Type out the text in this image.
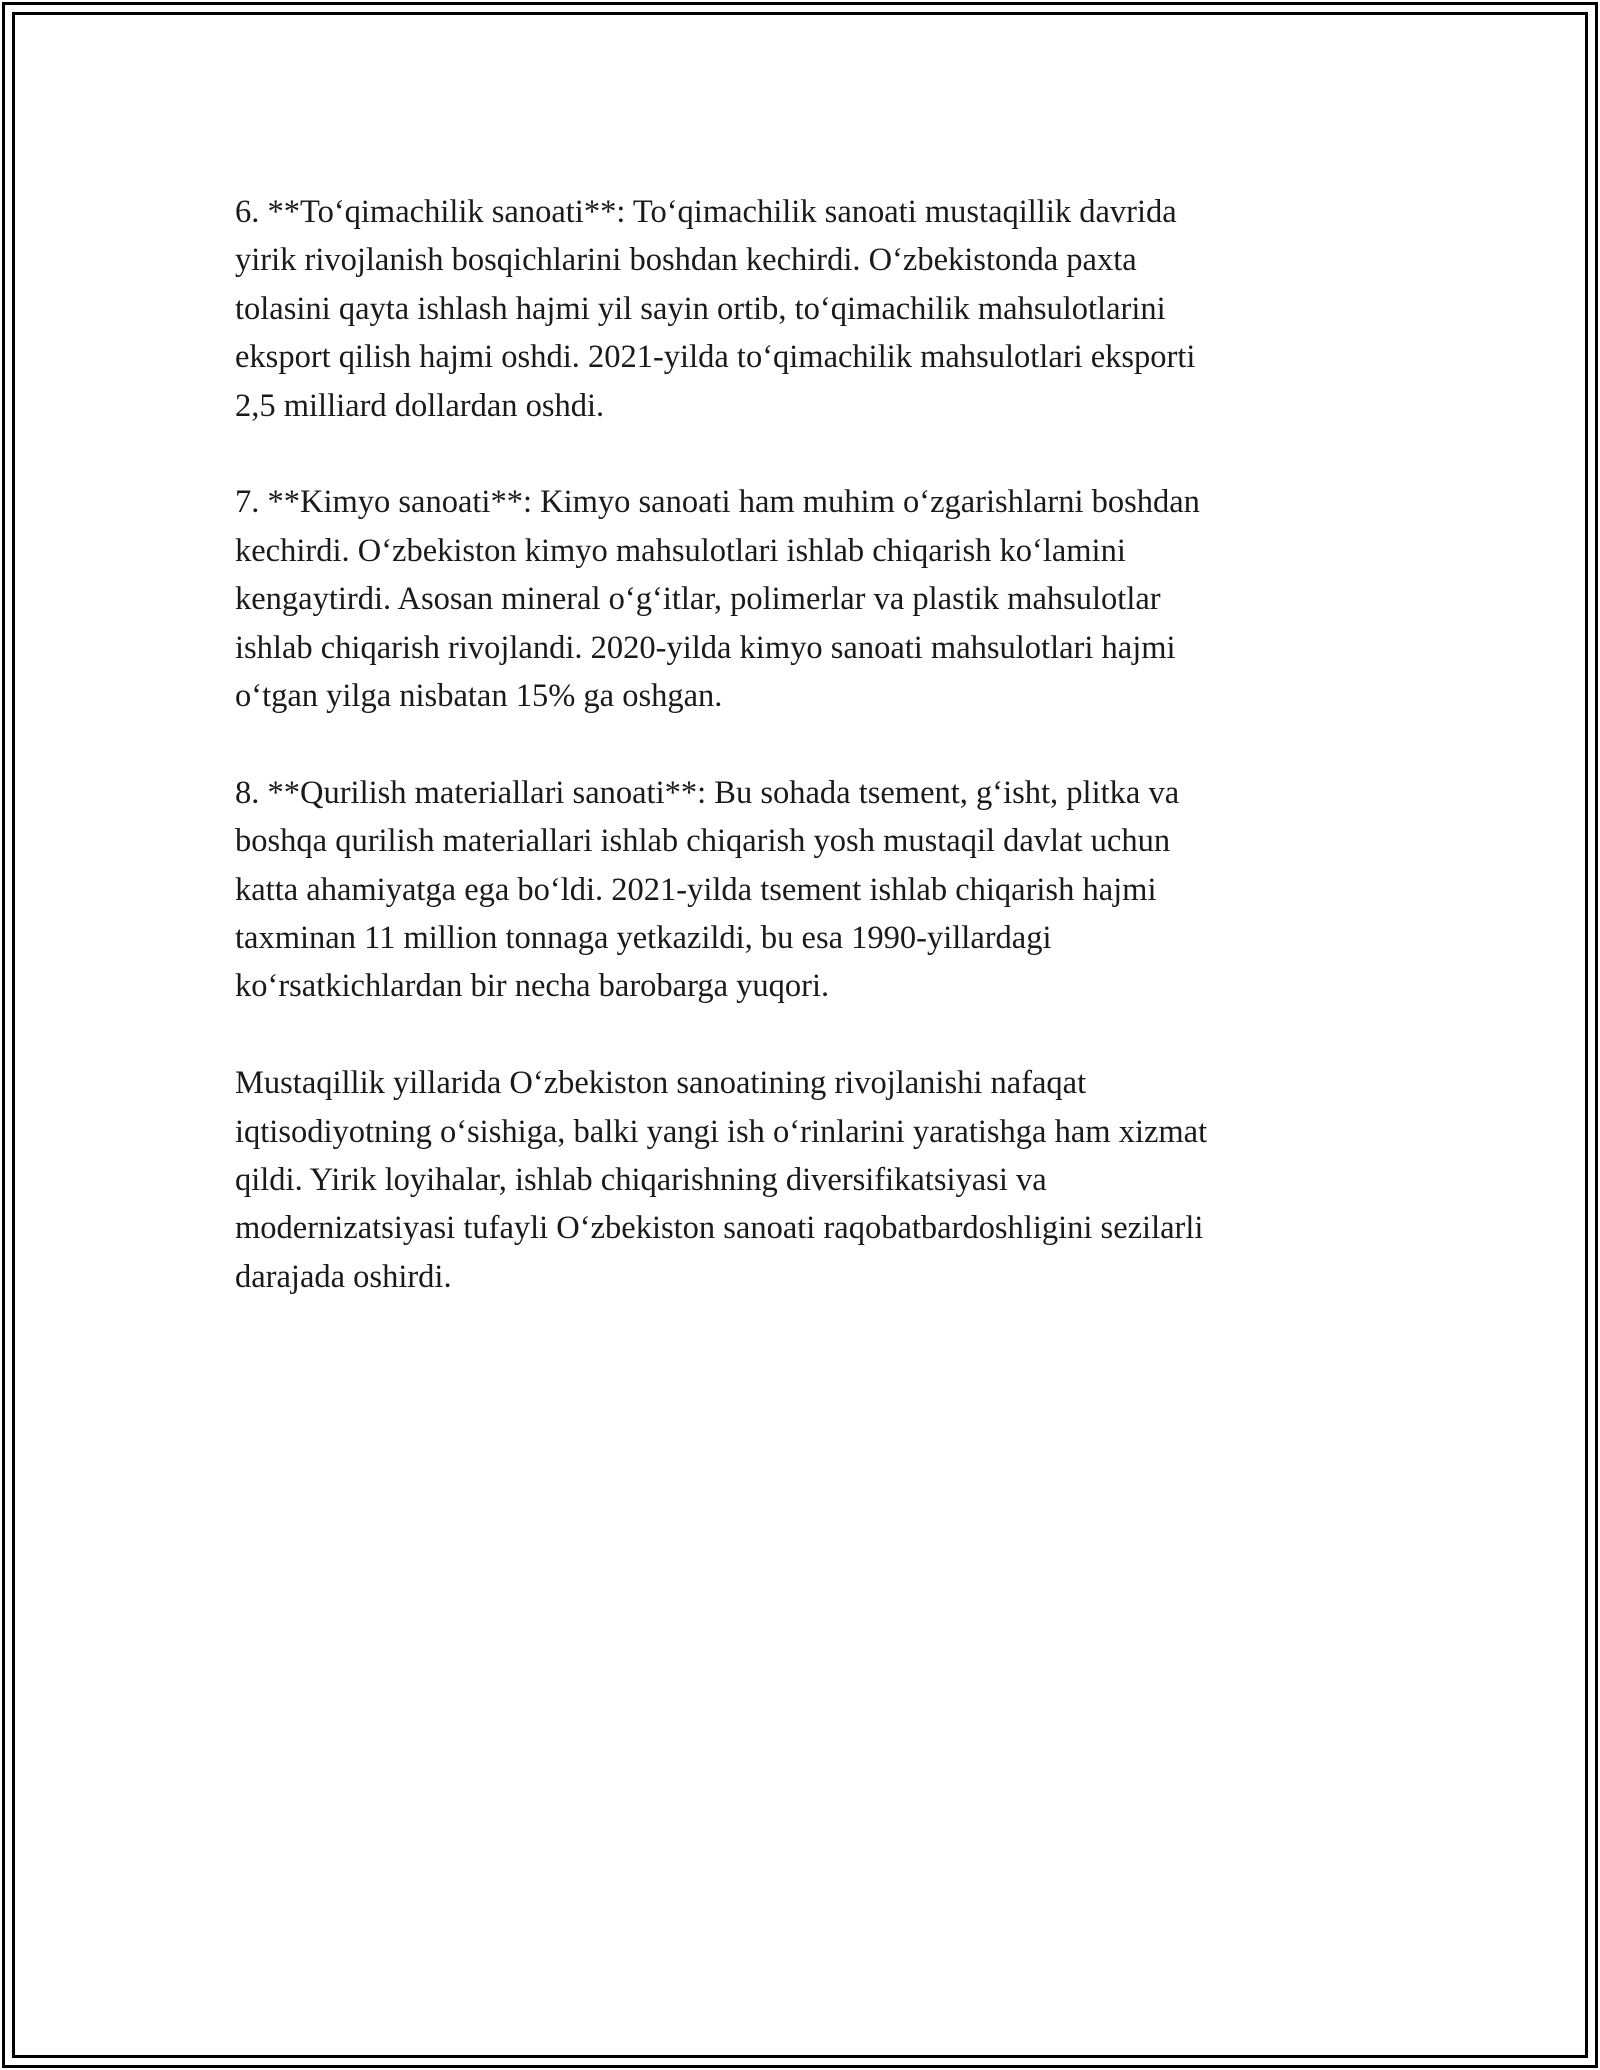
6. **To‘qimachilik sanoati**: To‘qimachilik sanoati mustaqillik davrida
yirik rivojlanish bosqichlarini boshdan kechirdi. O‘zbekistonda paxta
tolasini qayta ishlash hajmi yil sayin ortib, to‘qimachilik mahsulotlarini
eksport qilish hajmi oshdi. 2021-yilda to‘qimachilik mahsulotlari eksporti
2,5 milliard dollardan oshdi.

7. **Kimyo sanoati**: Kimyo sanoati ham muhim o‘zgarishlarni boshdan
kechirdi. O‘zbekiston kimyo mahsulotlari ishlab chiqarish ko‘lamini
kengaytirdi. Asosan mineral o‘g‘itlar, polimerlar va plastik mahsulotlar
ishlab chiqarish rivojlandi. 2020-yilda kimyo sanoati mahsulotlari hajmi
o‘tgan yilga nisbatan 15% ga oshgan.

8. **Qurilish materiallari sanoati**: Bu sohada tsement, g‘isht, plitka va
boshqa qurilish materiallari ishlab chiqarish yosh mustaqil davlat uchun
katta ahamiyatga ega bo‘ldi. 2021-yilda tsement ishlab chiqarish hajmi
taxminan 11 million tonnaga yetkazildi, bu esa 1990-yillardagi
ko‘rsatkichlardan bir necha barobarga yuqori.

Mustaqillik yillarida O‘zbekiston sanoatining rivojlanishi nafaqat
iqtisodiyotning o‘sishiga, balki yangi ish o‘rinlarini yaratishga ham xizmat
qildi. Yirik loyihalar, ishlab chiqarishning diversifikatsiyasi va
modernizatsiyasi tufayli O‘zbekiston sanoati raqobatbardoshligini sezilarli
darajada oshirdi.
